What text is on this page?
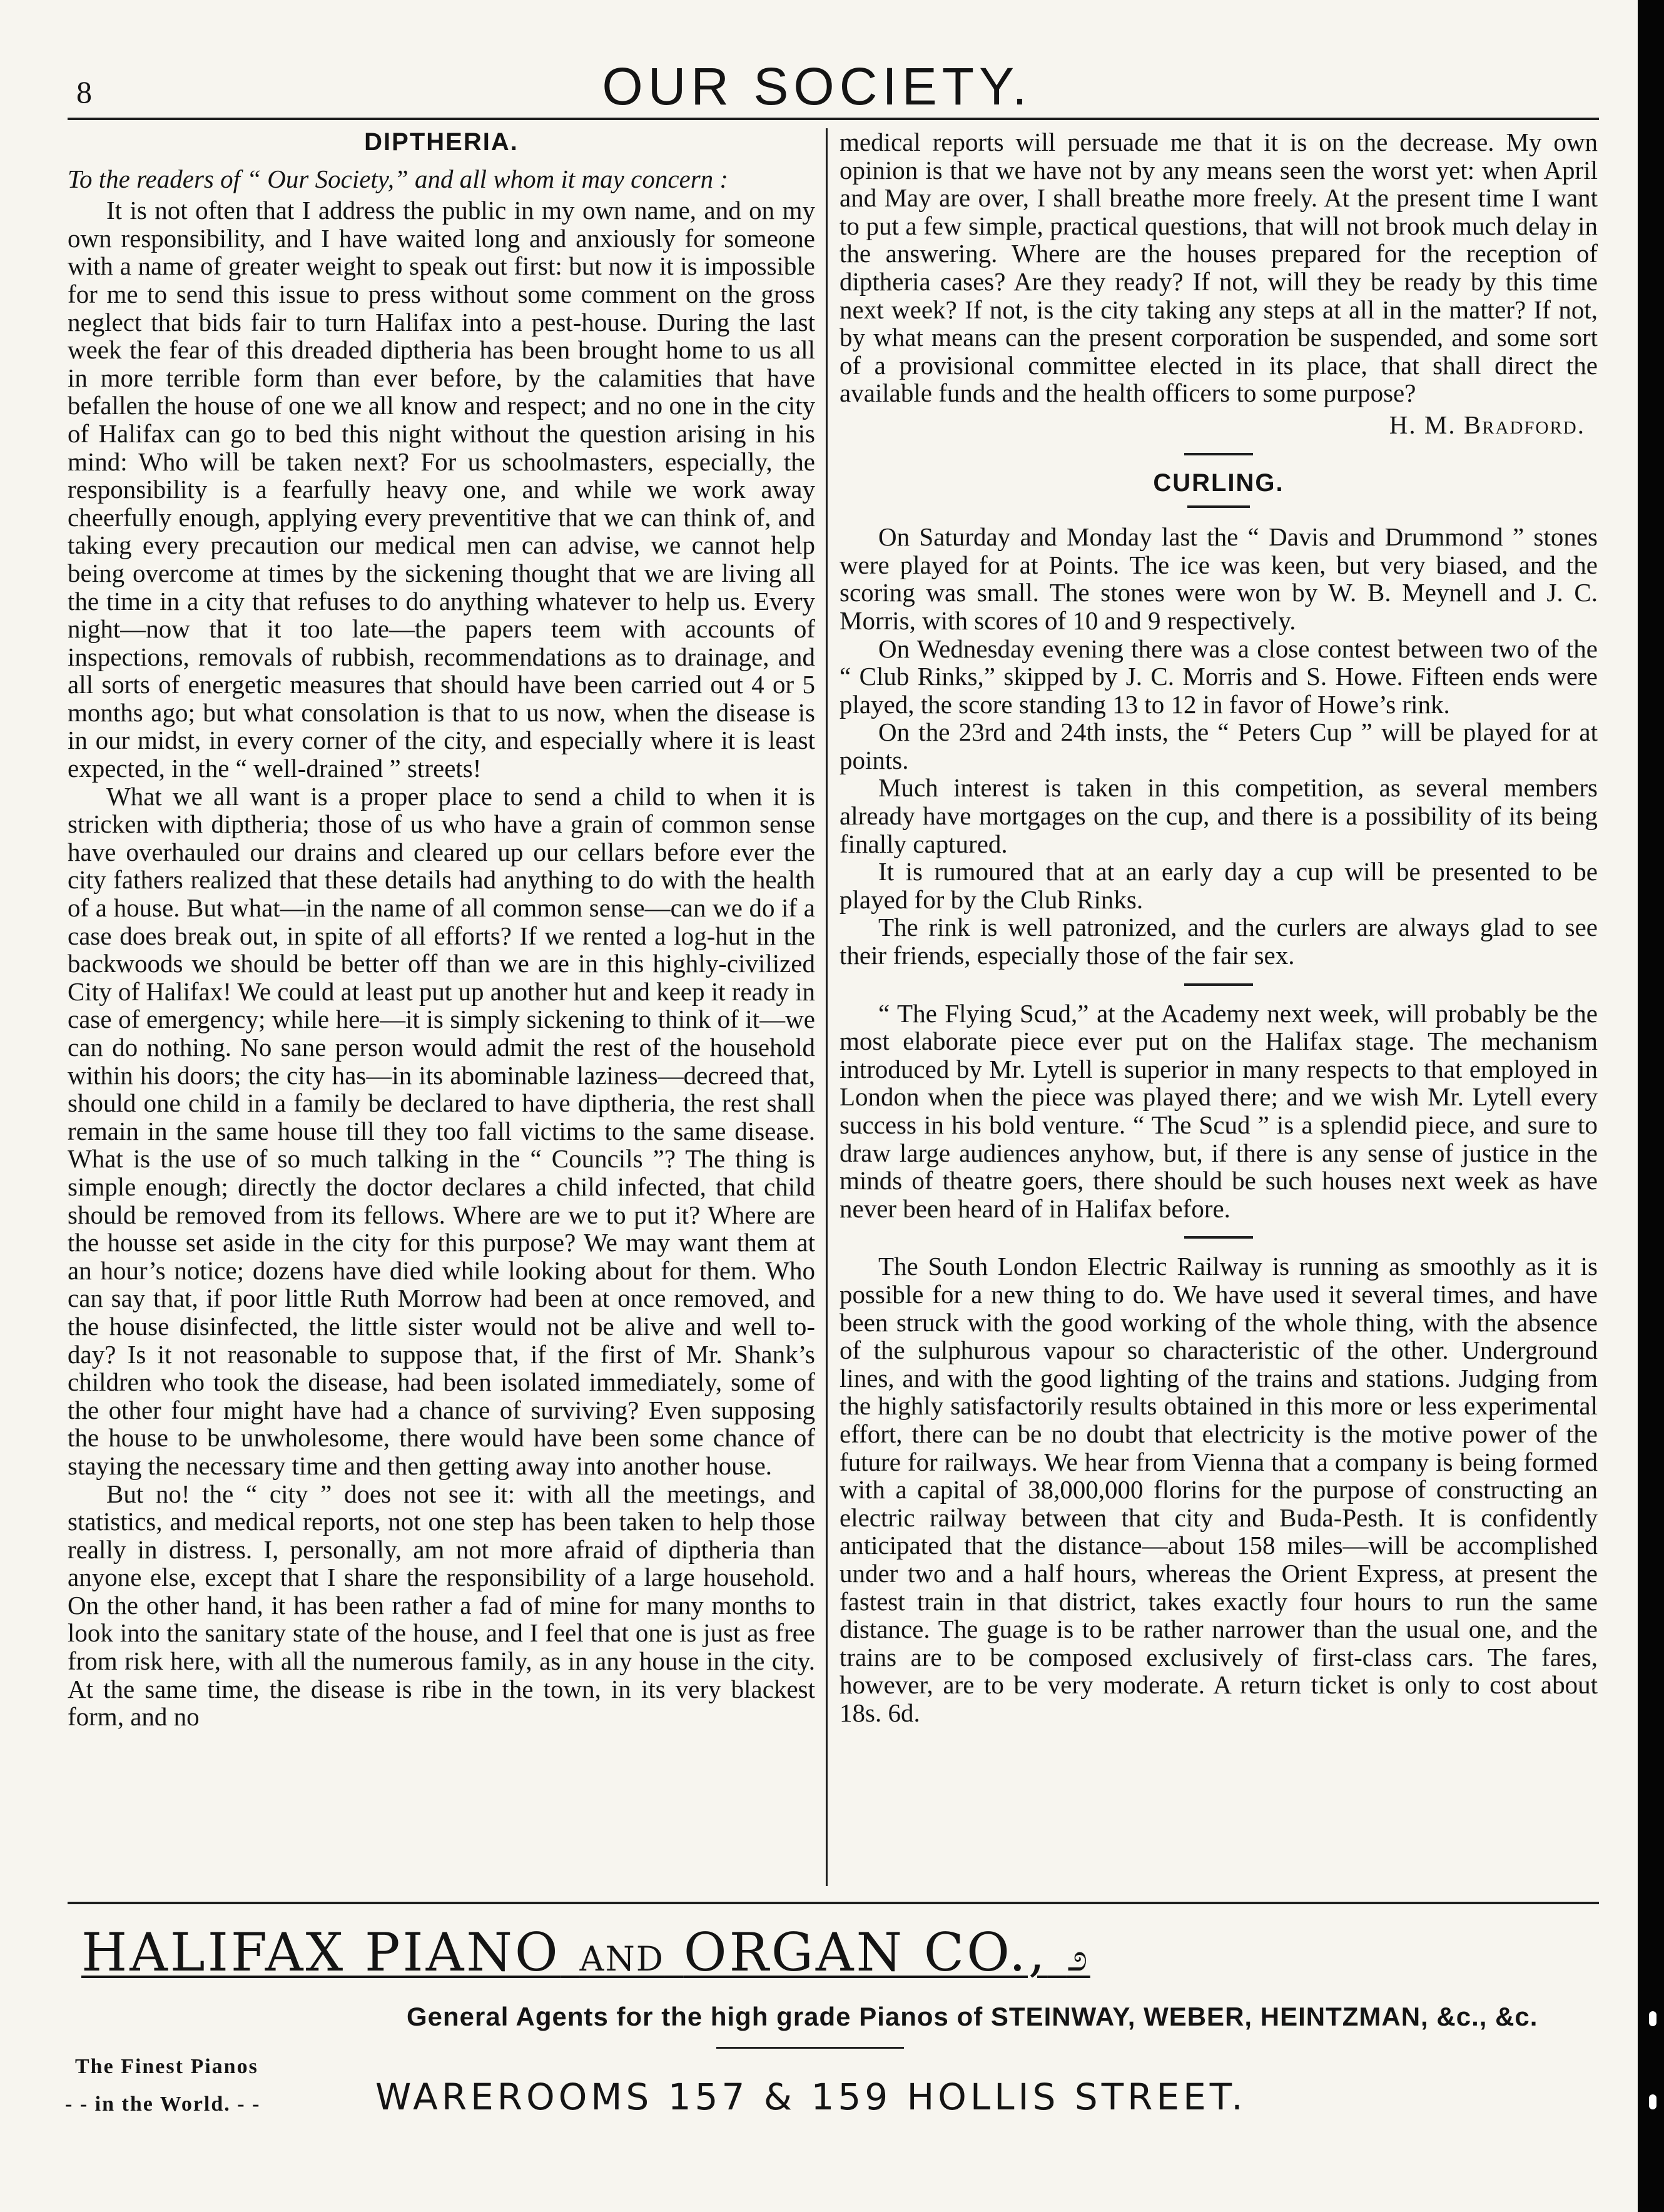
8	OUR SOCIETY.
DIPTHERIA.

To the readers of “ Our Society,” and all whom it may concern :

It is not often that I address the public in my own name, and on my own responsibility, and I have waited long and anxiously for someone with a name of greater weight to speak out first: but now it is impossible for me to send this issue to press without some comment on the gross neglect that bids fair to turn Halifax into a pest-house. During the last week the fear of this dreaded diptheria has been brought home to us all in more terrible form than ever before, by the calamities that have befallen the house of one we all know and respect; and no one in the city of Halifax can go to bed this night without the question arising in his mind: Who will be taken next? For us schoolmasters, especially, the responsibility is a fearfully heavy one, and while we work away cheerfully enough, applying every preventitive that we can think of, and taking every precaution our medical men can advise, we cannot help being overcome at times by the sickening thought that we are living all the time in a city that refuses to do anything whatever to help us. Every night—now that it too late—the papers teem with accounts of inspections, removals of rubbish, recommendations as to drainage, and all sorts of energetic measures that should have been carried out 4 or 5 months ago; but what consolation is that to us now, when the disease is in our midst, in every corner of the city, and especially where it is least expected, in the “ well-drained ” streets!

What we all want is a proper place to send a child to when it is stricken with diptheria; those of us who have a grain of common sense have overhauled our drains and cleared up our cellars before ever the city fathers realized that these details had anything to do with the health of a house. But what—in the name of all common sense—can we do if a case does break out, in spite of all efforts? If we rented a log-hut in the backwoods we should be better off than we are in this highly-civilized City of Halifax! We could at least put up another hut and keep it ready in case of emergency; while here—it is simply sickening to think of it—we can do nothing. No sane person would admit the rest of the household within his doors; the city has—in its abominable laziness—decreed that, should one child in a family be declared to have diptheria, the rest shall remain in the same house till they too fall victims to the same disease. What is the use of so much talking in the “ Councils ”? The thing is simple enough; directly the doctor declares a child infected, that child should be removed from its fellows. Where are we to put it? Where are the housse set aside in the city for this purpose? We may want them at an hour’s notice; dozens have died while looking about for them. Who can say that, if poor little Ruth Morrow had been at once removed, and the house disinfected, the little sister would not be alive and well to-day? Is it not reasonable to suppose that, if the first of Mr. Shank’s children who took the disease, had been isolated immediately, some of the other four might have had a chance of surviving? Even supposing the house to be unwholesome, there would have been some chance of staying the necessary time and then getting away into another house.

But no! the “ city ” does not see it: with all the meetings, and statistics, and medical reports, not one step has been taken to help those really in distress. I, personally, am not more afraid of diptheria than anyone else, except that I share the responsibility of a large household. On the other hand, it has been rather a fad of mine for many months to look into the sanitary state of the house, and I feel that one is just as free from risk here, with all the numerous family, as in any house in the city. At the same time, the disease is ribe in the town, in its very blackest form, and no

medical reports will persuade me that it is on the decrease. My own opinion is that we have not by any means seen the worst yet: when April and May are over, I shall breathe more freely. At the present time I want to put a few simple, practical questions, that will not brook much delay in the answering. Where are the houses prepared for the reception of diptheria cases? Are they ready? If not, will they be ready by this time next week? If not, is the city taking any steps at all in the matter? If not, by what means can the present corporation be suspended, and some sort of a provisional committee elected in its place, that shall direct the available funds and the health officers to some purpose?

H. M. Bradford.

CURLING.

On Saturday and Monday last the “ Davis and Drummond ” stones were played for at Points. The ice was keen, but very biased, and the scoring was small. The stones were won by W. B. Meynell and J. C. Morris, with scores of 10 and 9 respectively.

On Wednesday evening there was a close contest between two of the “ Club Rinks,” skipped by J. C. Morris and S. Howe. Fifteen ends were played, the score standing 13 to 12 in favor of Howe’s rink.

On the 23rd and 24th insts, the “ Peters Cup ” will be played for at points.

Much interest is taken in this competition, as several members already have mortgages on the cup, and there is a possibility of its being finally captured.

It is rumoured that at an early day a cup will be presented to be played for by the Club Rinks.

The rink is well patronized, and the curlers are always glad to see their friends, especially those of the fair sex.

“ The Flying Scud,” at the Academy next week, will probably be the most elaborate piece ever put on the Halifax stage. The mechanism introduced by Mr. Lytell is superior in many respects to that employed in London when the piece was played there; and we wish Mr. Lytell every success in his bold venture. “ The Scud ” is a splendid piece, and sure to draw large audiences anyhow, but, if there is any sense of justice in the minds of theatre goers, there should be such houses next week as have never been heard of in Halifax before.

The South London Electric Railway is running as smoothly as it is possible for a new thing to do. We have used it several times, and have been struck with the good working of the whole thing, with the absence of the sulphurous vapour so characteristic of the other. Underground lines, and with the good lighting of the trains and stations. Judging from the highly satisfactorily results obtained in this more or less experimental effort, there can be no doubt that electricity is the motive power of the future for railways. We hear from Vienna that a company is being formed with a capital of 38,000,000 florins for the purpose of constructing an electric railway between that city and Buda-Pesth. It is confidently anticipated that the distance—about 158 miles—will be accomplished under two and a half hours, whereas the Orient Express, at present the fastest train in that district, takes exactly four hours to run the same distance. The guage is to be rather narrower than the usual one, and the trains are to be composed exclusively of first-class cars. The fares, however, are to be very moderate. A return ticket is only to cost about 18s. 6d.

HALIFAX PIANO AND ORGAN CO., ೨
General Agents for the high grade Pianos of STEINWAY, WEBER, HEINTZMAN, &c., &c.
The Finest Pianos
- - in the World. - -	WAREROOMS 157 & 159 HOLLIS STREET.
